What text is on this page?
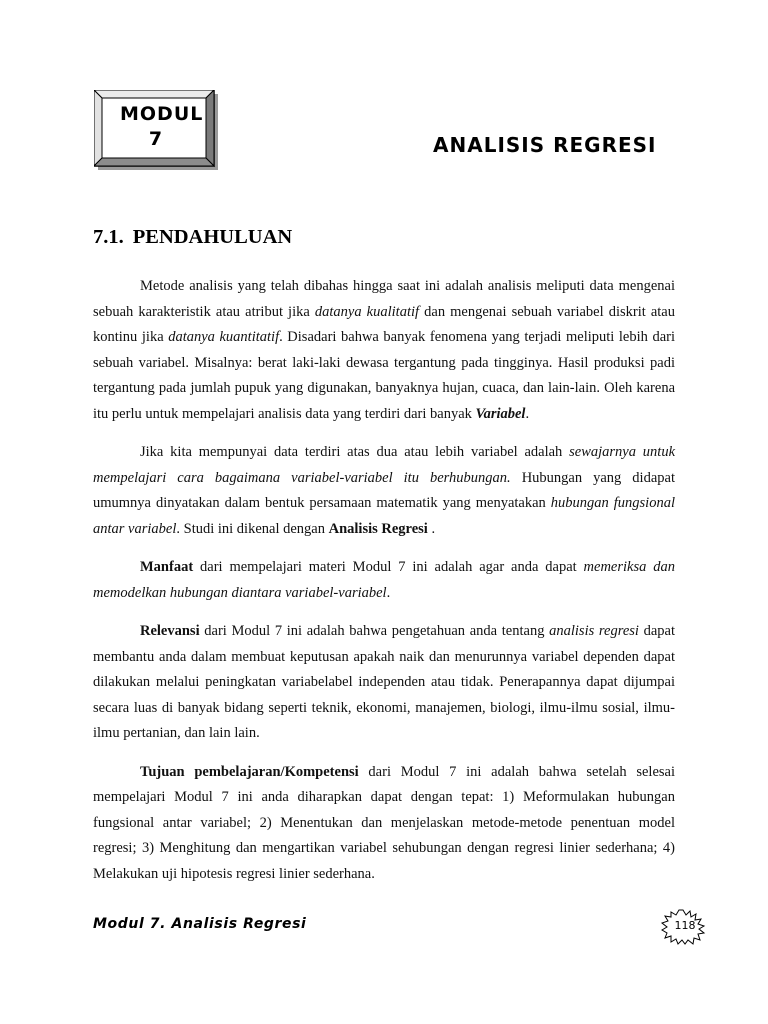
MODUL
7	ANALISIS REGRESI
7.1. PENDAHULUAN

Metode analisis yang telah dibahas hingga saat ini adalah analisis meliputi data mengenai sebuah karakteristik atau atribut jika datanya kualitatif dan mengenai sebuah variabel diskrit atau kontinu jika datanya kuantitatif. Disadari bahwa banyak fenomena yang terjadi meliputi lebih dari sebuah variabel. Misalnya: berat laki-laki dewasa tergantung pada tingginya. Hasil produksi padi tergantung pada jumlah pupuk yang digunakan, banyaknya hujan, cuaca, dan lain-lain. Oleh karena itu perlu untuk mempelajari analisis data yang terdiri dari banyak Variabel.

Jika kita mempunyai data terdiri atas dua atau lebih variabel adalah sewajarnya untuk mempelajari cara bagaimana variabel-variabel itu berhubungan. Hubungan yang didapat umumnya dinyatakan dalam bentuk persamaan matematik yang menyatakan hubungan fungsional antar variabel. Studi ini dikenal dengan Analisis Regresi .

Manfaat dari mempelajari materi Modul 7 ini adalah agar anda dapat memeriksa dan memodelkan hubungan diantara variabel-variabel.

Relevansi dari Modul 7 ini adalah bahwa pengetahuan anda tentang analisis regresi dapat membantu anda dalam membuat keputusan apakah naik dan menurunnya variabel dependen dapat dilakukan melalui peningkatan variabelabel independen atau tidak. Penerapannya dapat dijumpai secara luas di banyak bidang seperti teknik, ekonomi, manajemen, biologi, ilmu-ilmu sosial, ilmu-ilmu pertanian, dan lain lain.

Tujuan pembelajaran/Kompetensi dari Modul 7 ini adalah bahwa setelah selesai mempelajari Modul 7 ini anda diharapkan dapat dengan tepat: 1) Meformulakan hubungan fungsional antar variabel; 2) Menentukan dan menjelaskan metode-metode penentuan model regresi; 3) Menghitung dan mengartikan variabel sehubungan dengan regresi linier sederhana; 4) Melakukan uji hipotesis regresi linier sederhana.

Modul 7. Analisis Regresi	118
